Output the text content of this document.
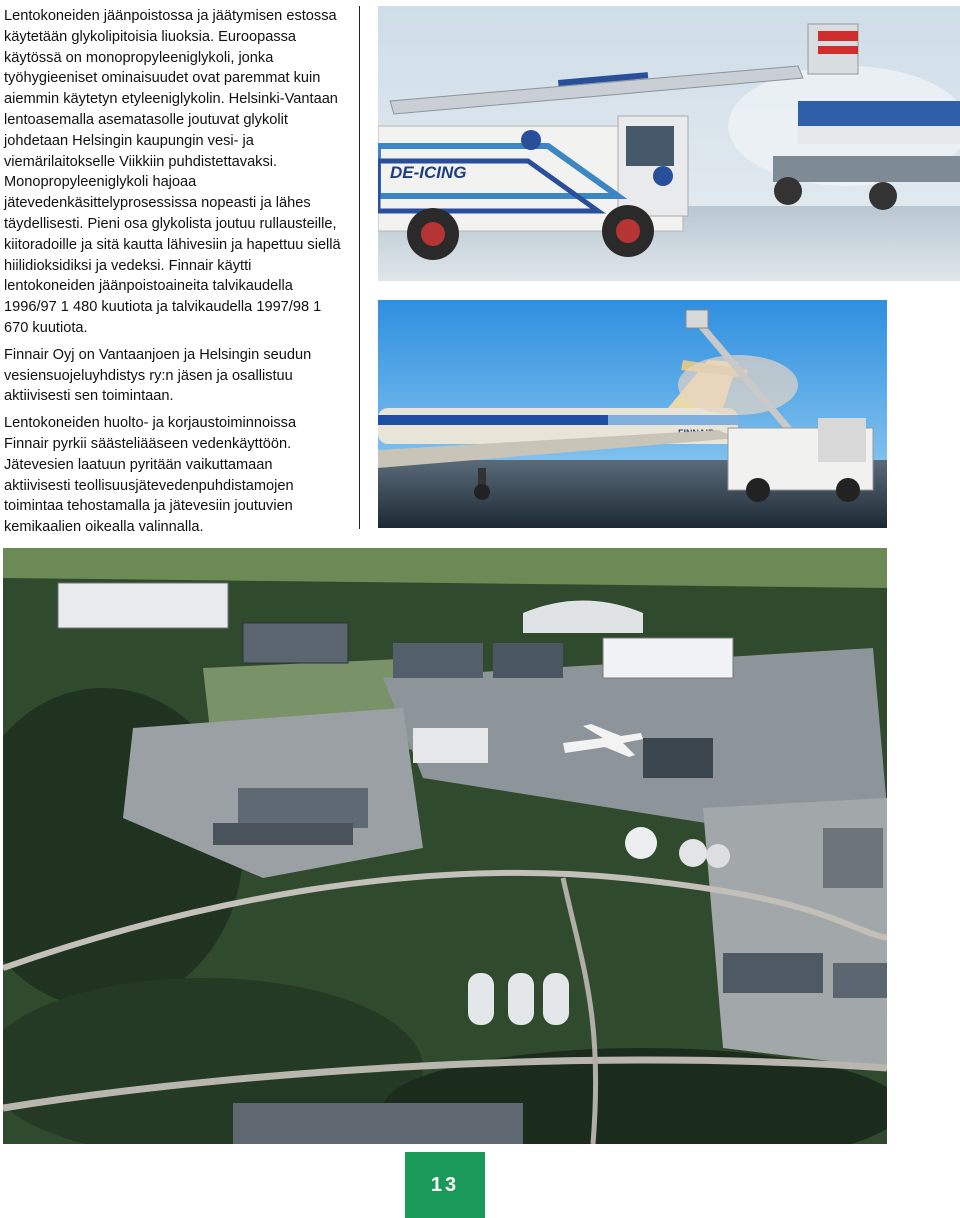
Lentokoneiden jäänpoistossa ja jäätymisen estossa käytetään glykolipitoisia liuoksia. Euroopassa käytössä on monopropyleeniglykoli, jonka työhygieeniset ominaisuudet ovat paremmat kuin aiemmin käytetyn etyleeniglykolin. Helsinki-Vantaan lentoasemalla asematasolle joutuvat glykolit johdetaan Helsingin kaupungin vesi- ja viemärilaitokselle Viikkiin puhdistettavaksi. Monopropyleeniglykoli hajoaa jätevedenkäsittelyprosessissa nopeasti ja lähes täydellisesti. Pieni osa glykolista joutuu rullausteille, kiitoradoille ja sitä kautta lähivesiin ja hapettuu siellä hiilidioksidiksi ja vedeksi. Finnair käytti lentokoneiden jäänpoistoaineita talvikaudella 1996/97 1 480 kuutiota ja talvikaudella 1997/98 1 670 kuutiota.

Finnair Oyj on Vantaanjoen ja Helsingin seudun vesiensuojeluyhdistys ry:n jäsen ja osallistuu aktiivisesti sen toimintaan.

Lentokoneiden huolto- ja korjaustoiminnoissa Finnair pyrkii säästeliääseen vedenkäyttöön. Jätevesien laatuun pyritään vaikuttamaan aktiivisesti teollisuusjätevedenpuhdistamojen toimintaa tehostamalla ja jätevesiin joutuvien kemikaalien oikealla valinnalla.

DE-ICING
13
